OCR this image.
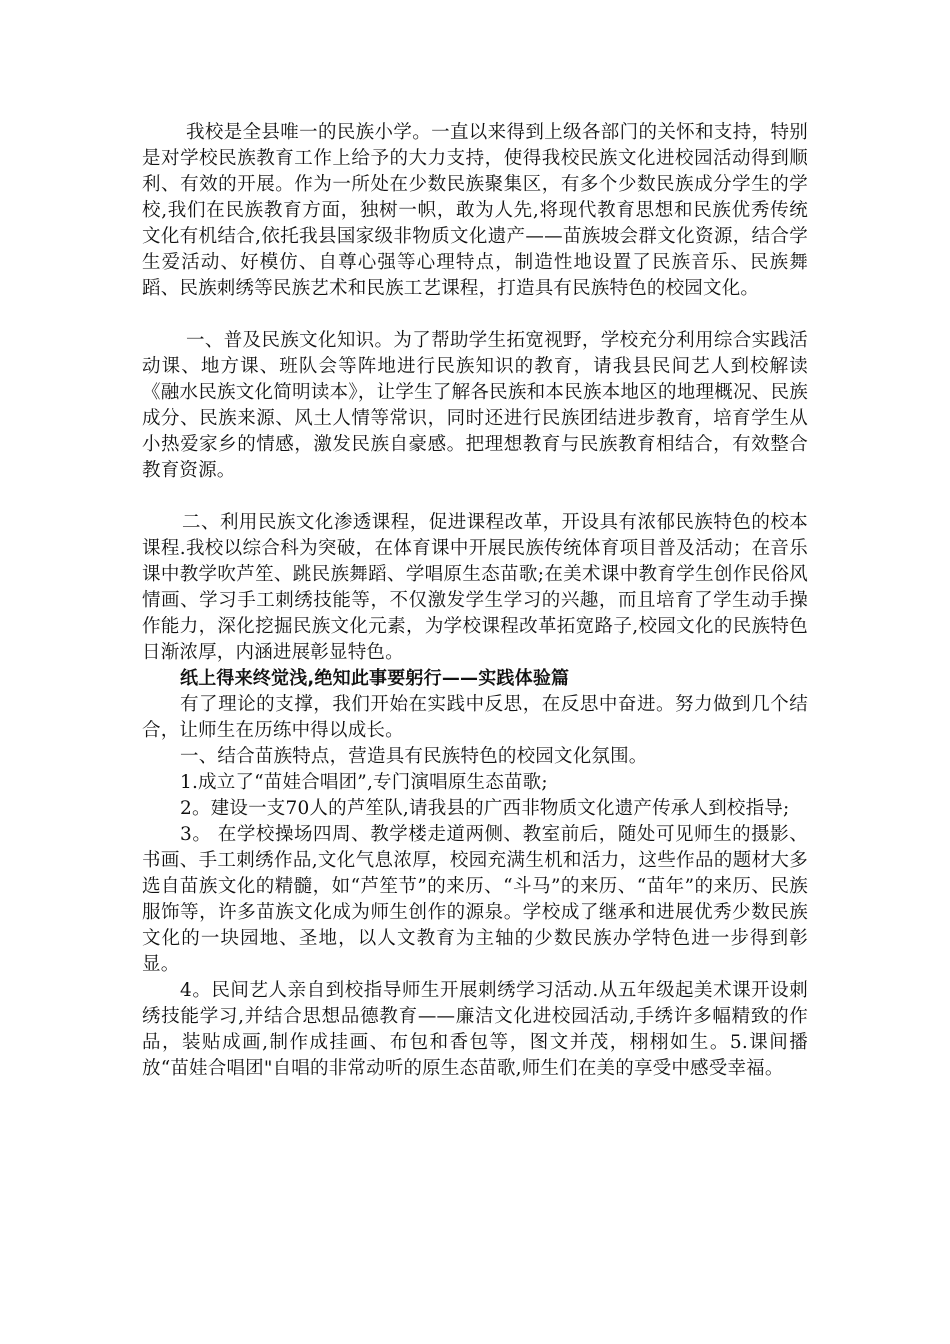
我校是全县唯一的民族小学。一直以来得到上级各部门的关怀和支持，特别是对学校民族教育工作上给予的大力支持，使得我校民族文化进校园活动得到顺利、有效的开展。作为一所处在少数民族聚集区，有多个少数民族成分学生的学校,我们在民族教育方面，独树一帜，敢为人先,将现代教育思想和民族优秀传统文化有机结合,依托我县国家级非物质文化遗产——苗族坡会群文化资源，结合学生爱活动、好模仿、自尊心强等心理特点，制造性地设置了民族音乐、民族舞蹈、民族刺绣等民族艺术和民族工艺课程，打造具有民族特色的校园文化。

一、普及民族文化知识。为了帮助学生拓宽视野，学校充分利用综合实践活动课、地方课、班队会等阵地进行民族知识的教育，请我县民间艺人到校解读《融水民族文化简明读本》，让学生了解各民族和本民族本地区的地理概况、民族成分、民族来源、风土人情等常识，同时还进行民族团结进步教育，培育学生从小热爱家乡的情感，激发民族自豪感。把理想教育与民族教育相结合，有效整合教育资源。

二、利用民族文化渗透课程，促进课程改革，开设具有浓郁民族特色的校本课程.我校以综合科为突破，在体育课中开展民族传统体育项目普及活动；在音乐课中教学吹芦笙、跳民族舞蹈、学唱原生态苗歌;在美术课中教育学生创作民俗风情画、学习手工刺绣技能等，不仅激发学生学习的兴趣，而且培育了学生动手操作能力，深化挖掘民族文化元素，为学校课程改革拓宽路子,校园文化的民族特色日渐浓厚，内涵进展彰显特色。

纸上得来终觉浅,绝知此事要躬行——实践体验篇

有了理论的支撑，我们开始在实践中反思，在反思中奋进。努力做到几个结合，让师生在历练中得以成长。

一、结合苗族特点，营造具有民族特色的校园文化氛围。

1.成立了“苗娃合唱团”,专门演唱原生态苗歌;

2。建设一支70人的芦笙队,请我县的广西非物质文化遗产传承人到校指导;

3。 在学校操场四周、教学楼走道两侧、教室前后，随处可见师生的摄影、书画、手工刺绣作品,文化气息浓厚，校园充满生机和活力，这些作品的题材大多选自苗族文化的精髓，如“芦笙节”的来历、“斗马”的来历、“苗年”的来历、民族服饰等，许多苗族文化成为师生创作的源泉。学校成了继承和进展优秀少数民族文化的一块园地、圣地，以人文教育为主轴的少数民族办学特色进一步得到彰显。

4。民间艺人亲自到校指导师生开展刺绣学习活动.从五年级起美术课开设刺绣技能学习,并结合思想品德教育——廉洁文化进校园活动,手绣许多幅精致的作品，装贴成画,制作成挂画、布包和香包等，图文并茂，栩栩如生。5.课间播放“苗娃合唱团"自唱的非常动听的原生态苗歌,师生们在美的享受中感受幸福。
